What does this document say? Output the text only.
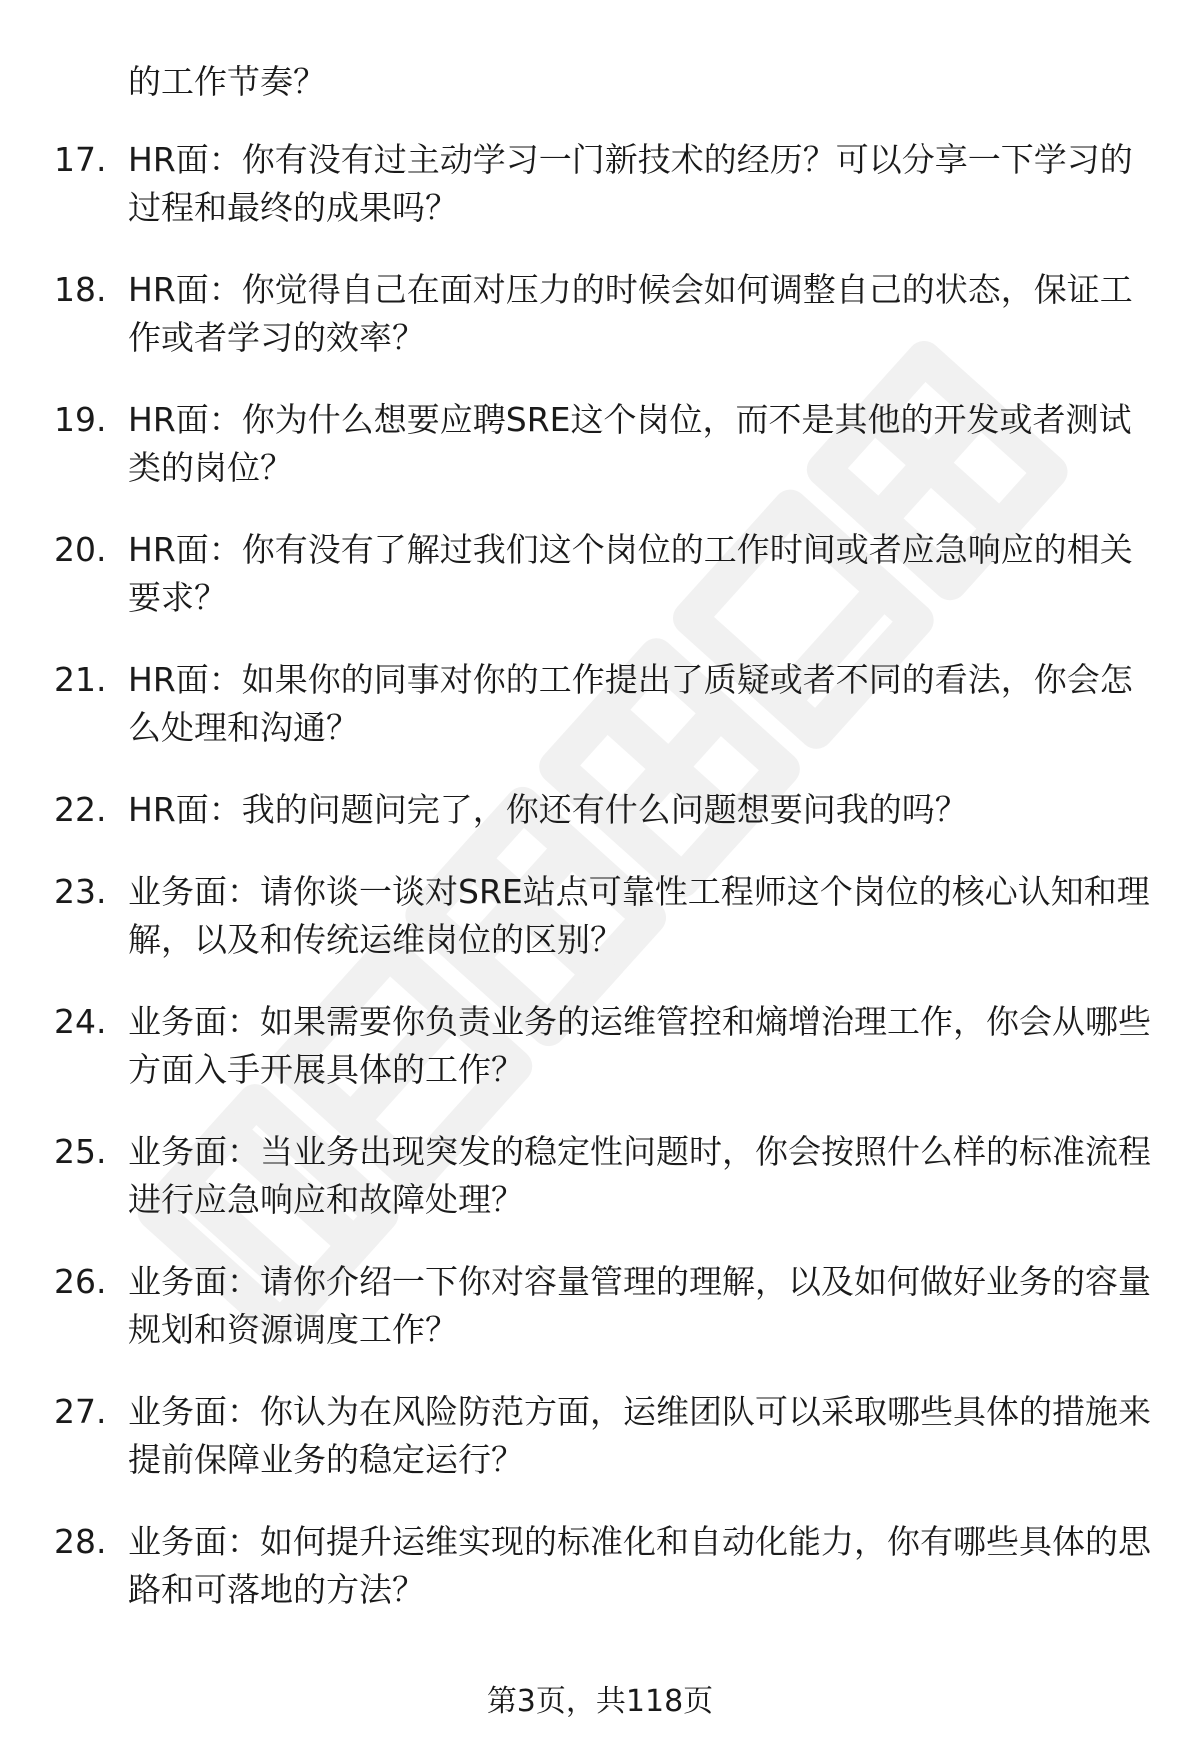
的工作节奏？
17. HR面：你有没有过主动学习一门新技术的经历？可以分享一下学习的过程和最终的成果吗？
18. HR面：你觉得自己在面对压力的时候会如何调整自己的状态，保证工作或者学习的效率？
19. HR面：你为什么想要应聘SRE这个岗位，而不是其他的开发或者测试类的岗位？
20. HR面：你有没有了解过我们这个岗位的工作时间或者应急响应的相关要求？
21. HR面：如果你的同事对你的工作提出了质疑或者不同的看法，你会怎么处理和沟通？
22. HR面：我的问题问完了，你还有什么问题想要问我的吗？
23. 业务面：请你谈一谈对SRE站点可靠性工程师这个岗位的核心认知和理解，以及和传统运维岗位的区别？
24. 业务面：如果需要你负责业务的运维管控和熵增治理工作，你会从哪些方面入手开展具体的工作？
25. 业务面：当业务出现突发的稳定性问题时，你会按照什么样的标准流程进行应急响应和故障处理？
26. 业务面：请你介绍一下你对容量管理的理解，以及如何做好业务的容量规划和资源调度工作？
27. 业务面：你认为在风险防范方面，运维团队可以采取哪些具体的措施来提前保障业务的稳定运行？
28. 业务面：如何提升运维实现的标准化和自动化能力，你有哪些具体的思路和可落地的方法？
第3页，共118页
